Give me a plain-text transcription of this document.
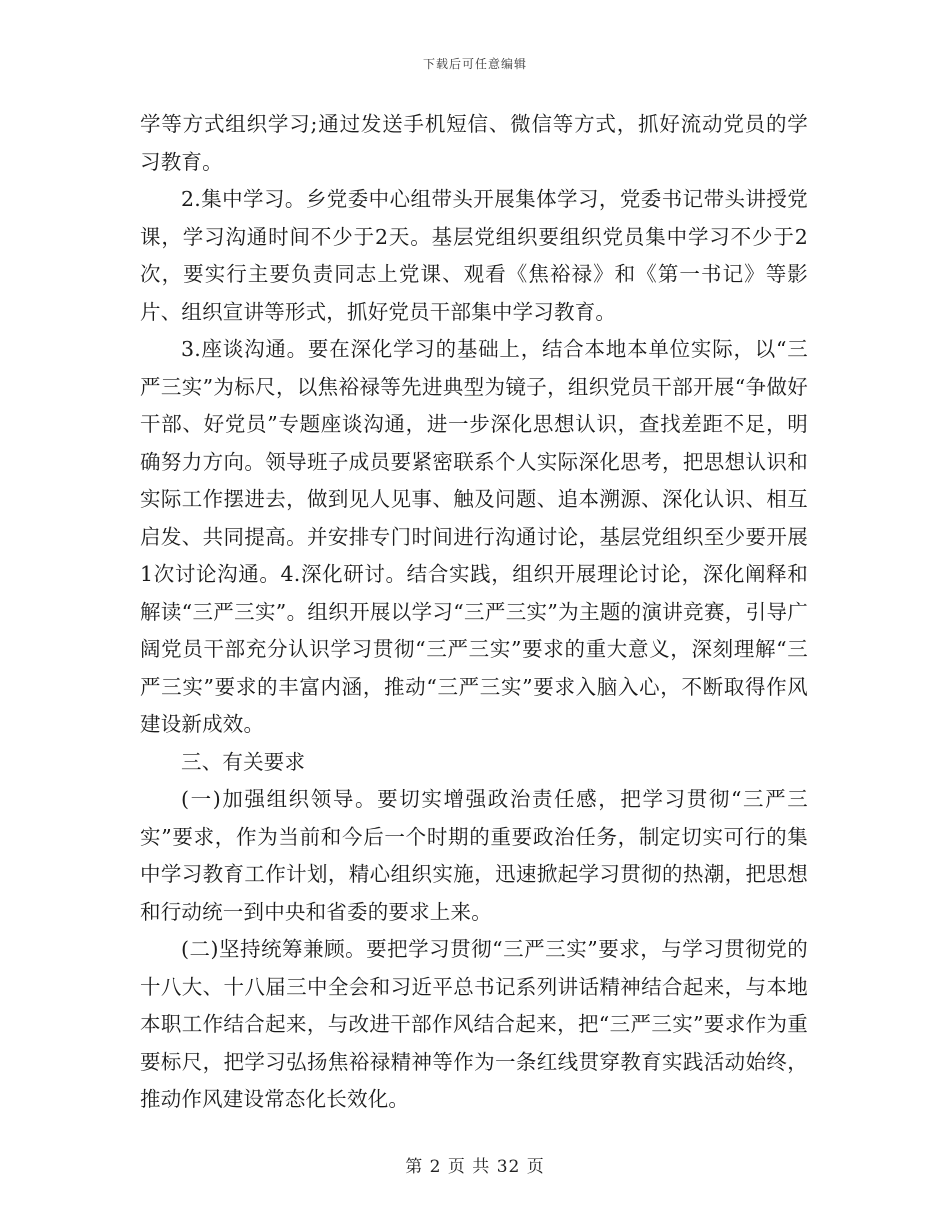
下载后可任意编辑

学等方式组织学习;通过发送手机短信、微信等方式，抓好流动党员的学习教育。

2.集中学习。乡党委中心组带头开展集体学习，党委书记带头讲授党课，学习沟通时间不少于2天。基层党组织要组织党员集中学习不少于2次，要实行主要负责同志上党课、观看《焦裕禄》和《第一书记》等影片、组织宣讲等形式，抓好党员干部集中学习教育。

3.座谈沟通。要在深化学习的基础上，结合本地本单位实际，以“三严三实”为标尺，以焦裕禄等先进典型为镜子，组织党员干部开展“争做好干部、好党员”专题座谈沟通，进一步深化思想认识，查找差距不足，明确努力方向。领导班子成员要紧密联系个人实际深化思考，把思想认识和实际工作摆进去，做到见人见事、触及问题、追本溯源、深化认识、相互启发、共同提高。并安排专门时间进行沟通讨论，基层党组织至少要开展1次讨论沟通。4.深化研讨。结合实践，组织开展理论讨论，深化阐释和解读“三严三实”。组织开展以学习“三严三实”为主题的演讲竞赛，引导广阔党员干部充分认识学习贯彻“三严三实”要求的重大意义，深刻理解“三严三实”要求的丰富内涵，推动“三严三实”要求入脑入心，不断取得作风建设新成效。

三、有关要求

(一)加强组织领导。要切实增强政治责任感，把学习贯彻“三严三实”要求，作为当前和今后一个时期的重要政治任务，制定切实可行的集中学习教育工作计划，精心组织实施，迅速掀起学习贯彻的热潮，把思想和行动统一到中央和省委的要求上来。

(二)坚持统筹兼顾。要把学习贯彻“三严三实”要求，与学习贯彻党的十八大、十八届三中全会和习近平总书记系列讲话精神结合起来，与本地本职工作结合起来，与改进干部作风结合起来，把“三严三实”要求作为重要标尺，把学习弘扬焦裕禄精神等作为一条红线贯穿教育实践活动始终，推动作风建设常态化长效化。

第 2 页 共 32 页
